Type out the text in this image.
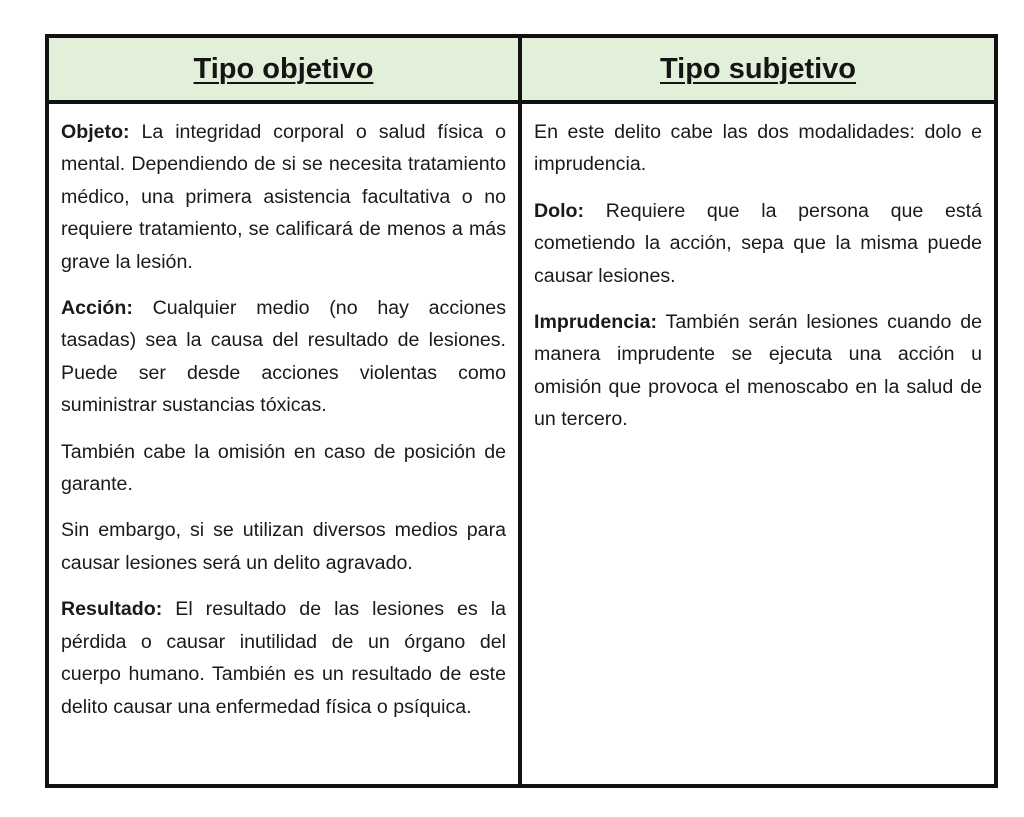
Tipo objetivo	Tipo subjetivo

Objeto: La integridad corporal o salud física o mental. Dependiendo de si se necesita tratamiento médico, una primera asistencia facultativa o no requiere tratamiento, se calificará de menos a más grave la lesión.

Acción: Cualquier medio (no hay acciones tasadas) sea la causa del resultado de lesiones. Puede ser desde acciones violentas como suministrar sustancias tóxicas.

También cabe la omisión en caso de posición de garante.

Sin embargo, si se utilizan diversos medios para causar lesiones será un delito agravado.

Resultado: El resultado de las lesiones es la pérdida o causar inutilidad de un órgano del cuerpo humano. También es un resultado de este delito causar una enfermedad física o psíquica.

En este delito cabe las dos modalidades: dolo e imprudencia.

Dolo: Requiere que la persona que está cometiendo la acción, sepa que la misma puede causar lesiones.

Imprudencia: También serán lesiones cuando de manera imprudente se ejecuta una acción u omisión que provoca el menoscabo en la salud de un tercero.
